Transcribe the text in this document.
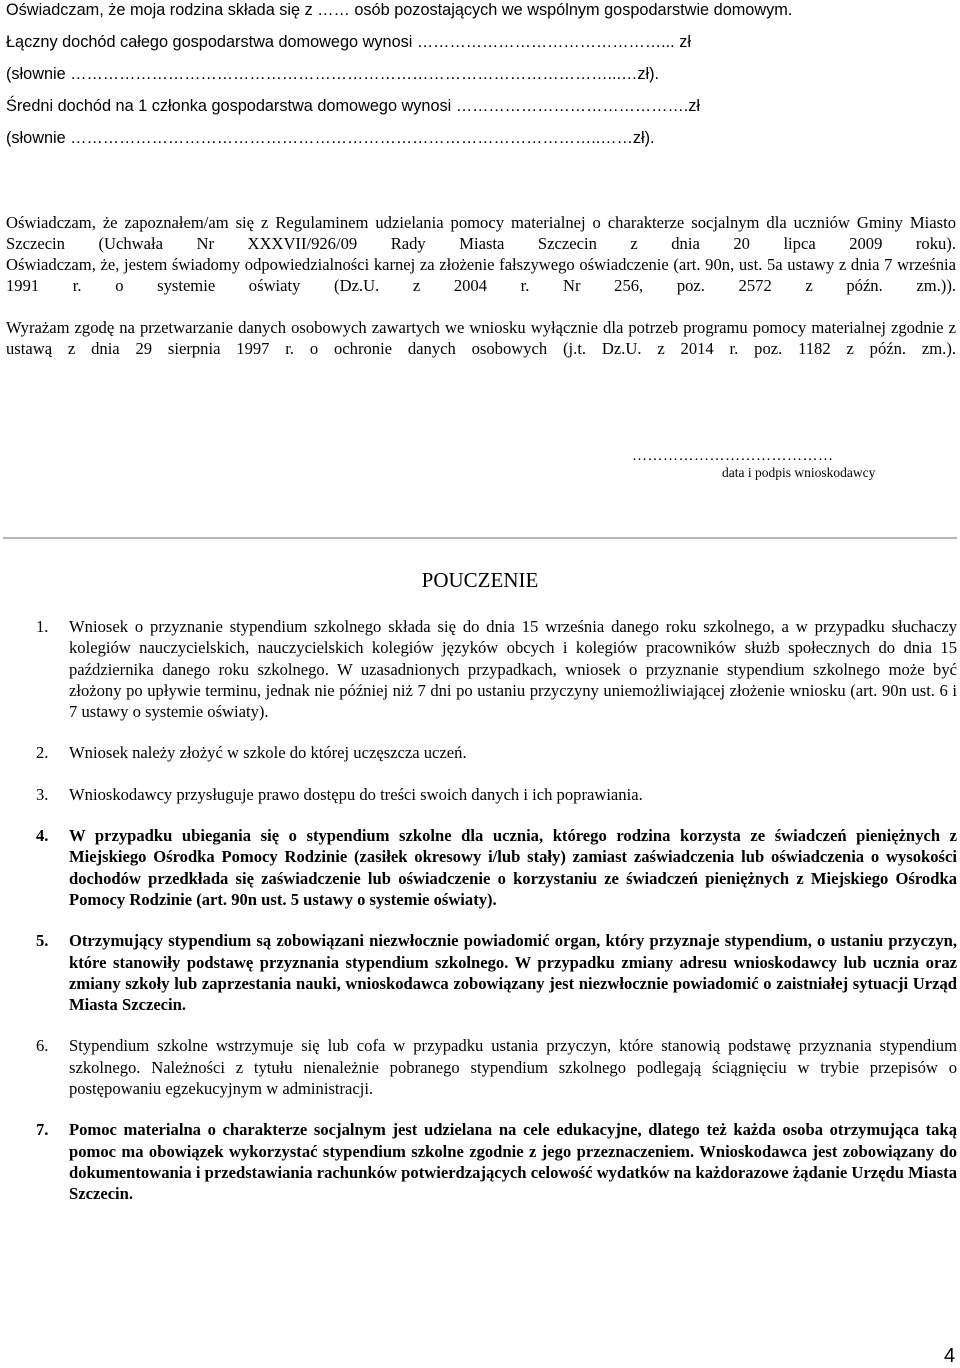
Oświadczam, że moja rodzina składa się z …… osób pozostających we wspólnym gospodarstwie domowym.
Łączny dochód całego gospodarstwa domowego wynosi ………………………………………... zł
(słownie ………………………………………………………………………………………...…zł).
Średni dochód na 1 członka gospodarstwa domowego wynosi …………………………………….zł
(słownie ……………………………………………………………………………………..……zł).
Oświadczam, że zapoznałem/am się z Regulaminem udzielania pomocy materialnej o charakterze socjalnym dla uczniów Gminy Miasto Szczecin (Uchwała Nr XXXVII/926/09 Rady Miasta Szczecin z dnia 20 lipca 2009 roku).
Oświadczam, że, jestem świadomy odpowiedzialności karnej za złożenie fałszywego oświadczenie (art. 90n, ust. 5a ustawy z dnia 7 września 1991 r. o systemie oświaty (Dz.U. z 2004 r. Nr 256, poz. 2572 z późn. zm.)).
Wyrażam zgodę na przetwarzanie danych osobowych zawartych we wniosku wyłącznie dla potrzeb programu pomocy materialnej zgodnie z ustawą z dnia 29 sierpnia 1997 r. o ochronie danych osobowych (j.t. Dz.U. z 2014 r. poz. 1182 z późn. zm.).
…………………………………
data i podpis wnioskodawcy
POUCZENIE
1. Wniosek o przyznanie stypendium szkolnego składa się do dnia 15 września danego roku szkolnego, a w przypadku słuchaczy kolegiów nauczycielskich, nauczycielskich kolegiów języków obcych i kolegiów pracowników służb społecznych do dnia 15 października danego roku szkolnego. W uzasadnionych przypadkach, wniosek o przyznanie stypendium szkolnego może być złożony po upływie terminu, jednak nie później niż 7 dni po ustaniu przyczyny uniemożliwiającej złożenie wniosku (art. 90n ust. 6 i 7 ustawy o systemie oświaty).
2. Wniosek należy złożyć w szkole do której uczęszcza uczeń.
3. Wnioskodawcy przysługuje prawo dostępu do treści swoich danych i ich poprawiania.
4. W przypadku ubiegania się o stypendium szkolne dla ucznia, którego rodzina korzysta ze świadczeń pieniężnych z Miejskiego Ośrodka Pomocy Rodzinie (zasiłek okresowy i/lub stały) zamiast zaświadczenia lub oświadczenia o wysokości dochodów przedkłada się zaświadczenie lub oświadczenie o korzystaniu ze świadczeń pieniężnych z Miejskiego Ośrodka Pomocy Rodzinie (art. 90n ust. 5 ustawy o systemie oświaty).
5. Otrzymujący stypendium są zobowiązani niezwłocznie powiadomić organ, który przyznaje stypendium, o ustaniu przyczyn, które stanowiły podstawę przyznania stypendium szkolnego. W przypadku zmiany adresu wnioskodawcy lub ucznia oraz zmiany szkoły lub zaprzestania nauki, wnioskodawca zobowiązany jest niezwłocznie powiadomić o zaistniałej sytuacji Urząd Miasta Szczecin.
6. Stypendium szkolne wstrzymuje się lub cofa w przypadku ustania przyczyn, które stanowią podstawę przyznania stypendium szkolnego. Należności z tytułu nienależnie pobranego stypendium szkolnego podlegają ściągnięciu w trybie przepisów o postępowaniu egzekucyjnym w administracji.
7. Pomoc materialna o charakterze socjalnym jest udzielana na cele edukacyjne, dlatego też każda osoba otrzymująca taką pomoc ma obowiązek wykorzystać stypendium szkolne zgodnie z jego przeznaczeniem. Wnioskodawca jest zobowiązany do dokumentowania i przedstawiania rachunków potwierdzających celowość wydatków na każdorazowe żądanie Urzędu Miasta Szczecin.
4
